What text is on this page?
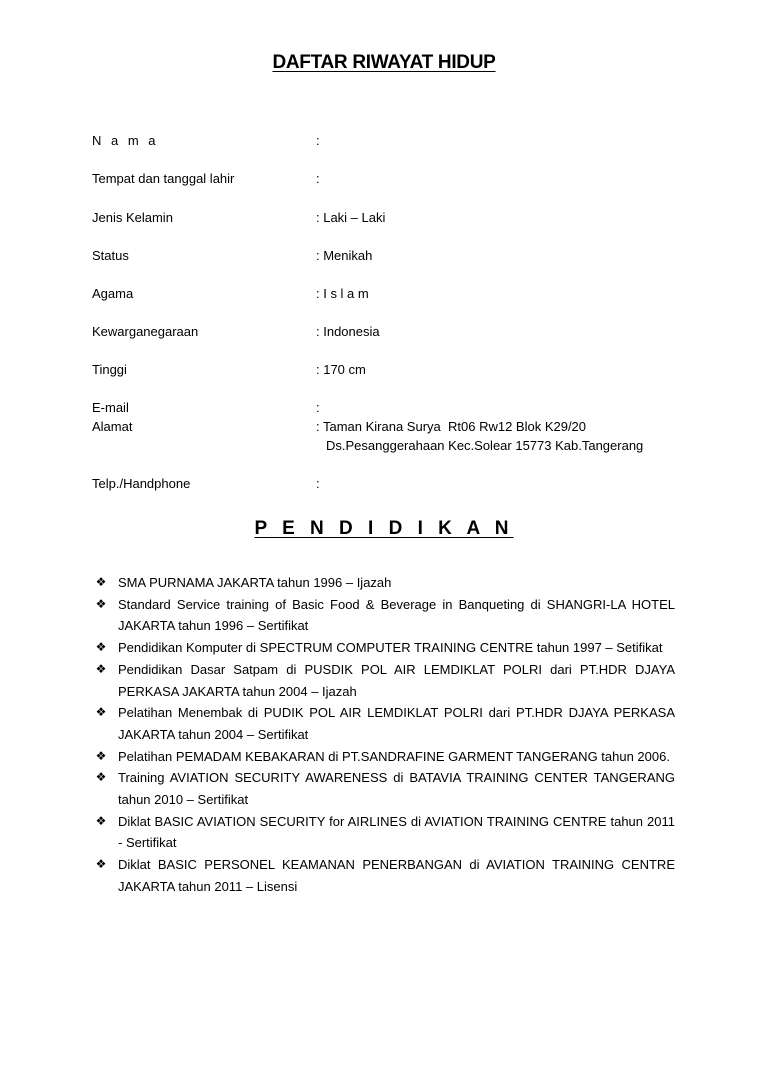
DAFTAR RIWAYAT HIDUP
N a m a	:
Tempat dan tanggal lahir	:
Jenis Kelamin	: Laki – Laki
Status	: Menikah
Agama	: I s l a m
Kewarganegaraan	: Indonesia
Tinggi	: 170 cm
E-mail	:
Alamat	: Taman Kirana Surya  Rt06 Rw12 Blok K29/20
Ds.Pesanggerahaan Kec.Solear 15773 Kab.Tangerang
Telp./Handphone	:
P E N D I D I K A N
❖ SMA PURNAMA JAKARTA tahun 1996 – Ijazah
❖ Standard Service training of Basic Food & Beverage in Banqueting di SHANGRI-LA HOTEL JAKARTA tahun 1996 – Sertifikat
❖ Pendidikan Komputer di SPECTRUM COMPUTER TRAINING CENTRE tahun 1997 – Setifikat
❖ Pendidikan Dasar Satpam di PUSDIK POL AIR LEMDIKLAT POLRI dari PT.HDR DJAYA PERKASA JAKARTA tahun 2004 – Ijazah
❖ Pelatihan Menembak di PUDIK POL AIR LEMDIKLAT POLRI dari PT.HDR DJAYA PERKASA JAKARTA tahun 2004 – Sertifikat
❖ Pelatihan PEMADAM KEBAKARAN di PT.SANDRAFINE GARMENT TANGERANG tahun 2006.
❖ Training AVIATION SECURITY AWARENESS di BATAVIA TRAINING CENTER TANGERANG tahun 2010 – Sertifikat
❖ Diklat BASIC AVIATION SECURITY for AIRLINES di AVIATION TRAINING CENTRE tahun 2011 - Sertifikat
❖ Diklat BASIC PERSONEL KEAMANAN PENERBANGAN di AVIATION TRAINING CENTRE JAKARTA tahun 2011 – Lisensi
